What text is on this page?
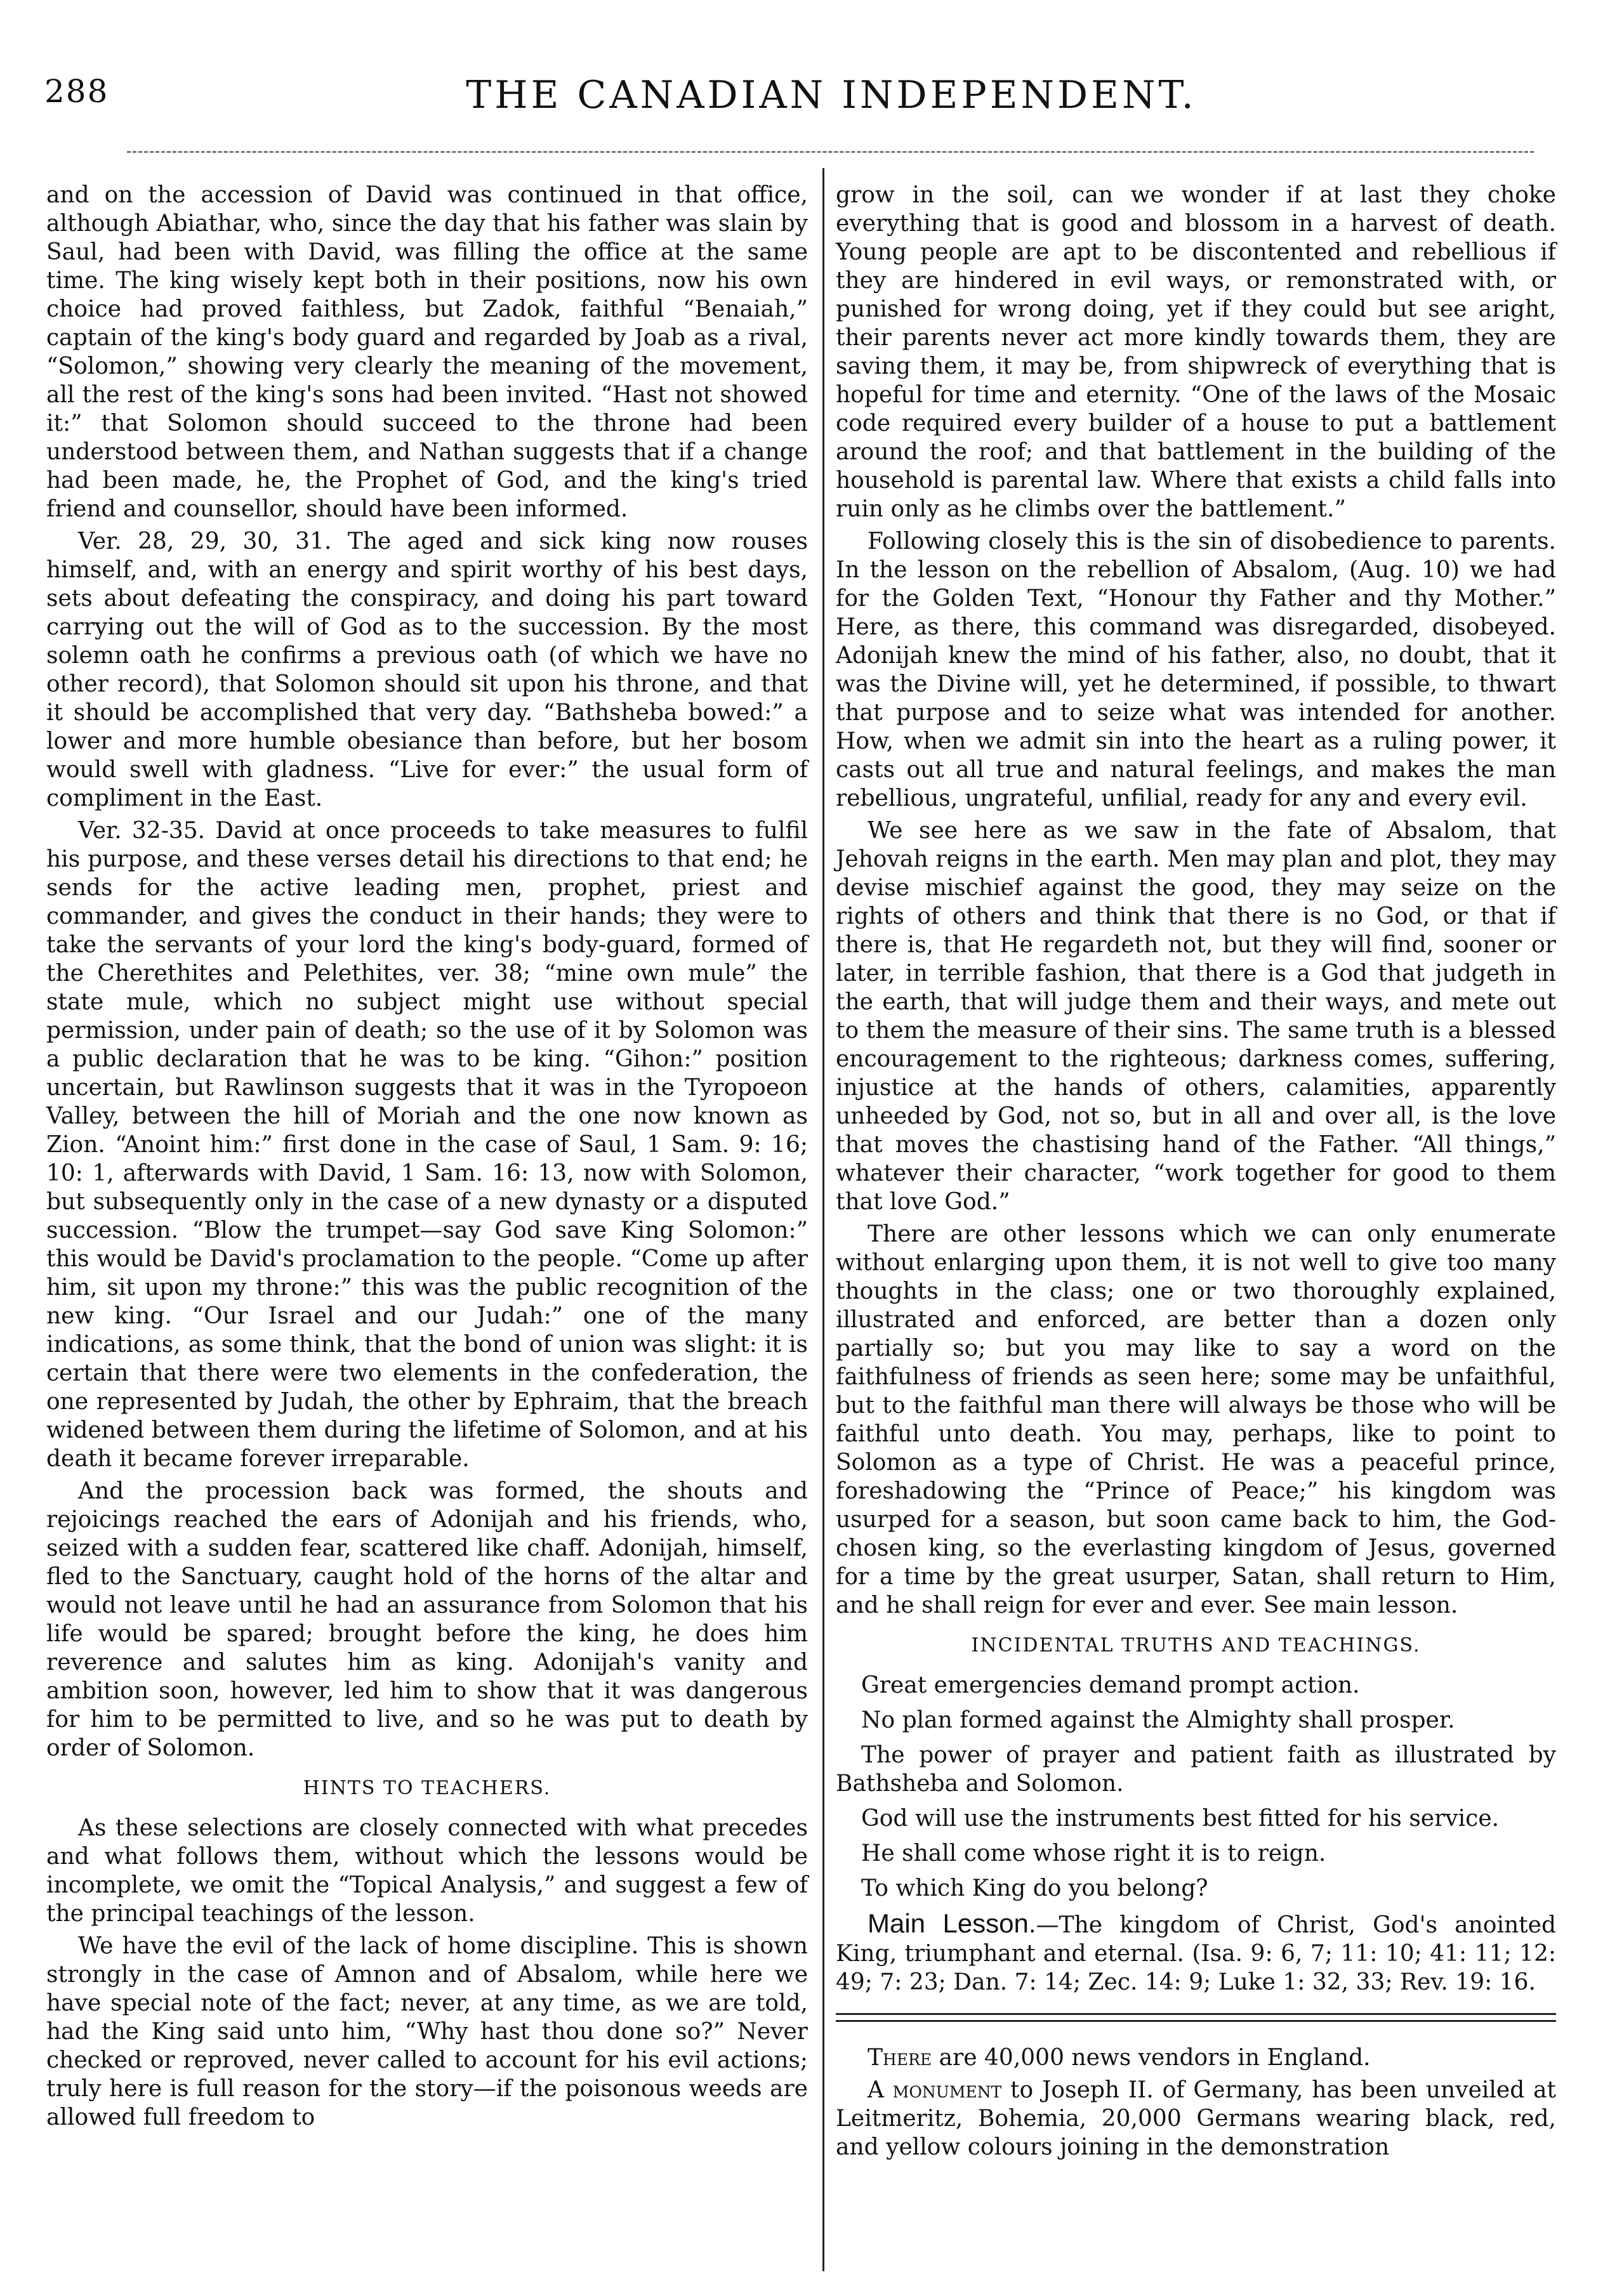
288	THE CANADIAN INDEPENDENT.

and on the accession of David was continued in that office, although Abiathar, who, since the day that his father was slain by Saul, had been with David, was filling the office at the same time. The king wisely kept both in their positions, now his own choice had proved faithless, but Zadok, faithful “Benaiah,” captain of the king's body guard and regarded by Joab as a rival, “Solomon,” showing very clearly the meaning of the movement, all the rest of the king's sons had been invited. “Hast not showed it:” that Solomon should succeed to the throne had been understood between them, and Nathan suggests that if a change had been made, he, the Prophet of God, and the king's tried friend and counsellor, should have been informed.

Ver. 28, 29, 30, 31. The aged and sick king now rouses himself, and, with an energy and spirit worthy of his best days, sets about defeating the conspiracy, and doing his part toward carrying out the will of God as to the succession. By the most solemn oath he confirms a previous oath (of which we have no other record), that Solomon should sit upon his throne, and that it should be accomplished that very day. “Bathsheba bowed:” a lower and more humble obesiance than before, but her bosom would swell with gladness. “Live for ever:” the usual form of compliment in the East.

Ver. 32-35. David at once proceeds to take measures to fulfil his purpose, and these verses detail his directions to that end; he sends for the active leading men, prophet, priest and commander, and gives the conduct in their hands; they were to take the servants of your lord the king's body-guard, formed of the Cherethites and Pelethites, ver. 38; “mine own mule” the state mule, which no subject might use without special permission, under pain of death; so the use of it by Solomon was a public declaration that he was to be king. “Gihon:” position uncertain, but Rawlinson suggests that it was in the Tyropoeon Valley, between the hill of Moriah and the one now known as Zion. “Anoint him:” first done in the case of Saul, 1 Sam. 9: 16; 10: 1, afterwards with David, 1 Sam. 16: 13, now with Solomon, but subsequently only in the case of a new dynasty or a disputed succession. “Blow the trumpet—say God save King Solomon:” this would be David's proclamation to the people. “Come up after him, sit upon my throne:” this was the public recognition of the new king. “Our Israel and our Judah:” one of the many indications, as some think, that the bond of union was slight: it is certain that there were two elements in the confederation, the one represented by Judah, the other by Ephraim, that the breach widened between them during the lifetime of Solomon, and at his death it became forever irreparable.

And the procession back was formed, the shouts and rejoicings reached the ears of Adonijah and his friends, who, seized with a sudden fear, scattered like chaff. Adonijah, himself, fled to the Sanctuary, caught hold of the horns of the altar and would not leave until he had an assurance from Solomon that his life would be spared; brought before the king, he does him reverence and salutes him as king. Adonijah's vanity and ambition soon, however, led him to show that it was dangerous for him to be permitted to live, and so he was put to death by order of Solomon.

HINTS TO TEACHERS.

As these selections are closely connected with what precedes and what follows them, without which the lessons would be incomplete, we omit the “Topical Analysis,” and suggest a few of the principal teachings of the lesson.

We have the evil of the lack of home discipline. This is shown strongly in the case of Amnon and of Absalom, while here we have special note of the fact; never, at any time, as we are told, had the King said unto him, “Why hast thou done so?” Never checked or reproved, never called to account for his evil actions; truly here is full reason for the story—if the poisonous weeds are allowed full freedom to

grow in the soil, can we wonder if at last they choke everything that is good and blossom in a harvest of death. Young people are apt to be discontented and rebellious if they are hindered in evil ways, or remonstrated with, or punished for wrong doing, yet if they could but see aright, their parents never act more kindly towards them, they are saving them, it may be, from shipwreck of everything that is hopeful for time and eternity. “One of the laws of the Mosaic code required every builder of a house to put a battlement around the roof; and that battlement in the building of the household is parental law. Where that exists a child falls into ruin only as he climbs over the battlement.”

Following closely this is the sin of disobedience to parents. In the lesson on the rebellion of Absalom, (Aug. 10) we had for the Golden Text, “Honour thy Father and thy Mother.” Here, as there, this command was disregarded, disobeyed. Adonijah knew the mind of his father, also, no doubt, that it was the Divine will, yet he determined, if possible, to thwart that purpose and to seize what was intended for another. How, when we admit sin into the heart as a ruling power, it casts out all true and natural feelings, and makes the man rebellious, ungrateful, unfilial, ready for any and every evil.

We see here as we saw in the fate of Absalom, that Jehovah reigns in the earth. Men may plan and plot, they may devise mischief against the good, they may seize on the rights of others and think that there is no God, or that if there is, that He regardeth not, but they will find, sooner or later, in terrible fashion, that there is a God that judgeth in the earth, that will judge them and their ways, and mete out to them the measure of their sins. The same truth is a blessed encouragement to the righteous; darkness comes, suffering, injustice at the hands of others, calamities, apparently unheeded by God, not so, but in all and over all, is the love that moves the chastising hand of the Father. “All things,” whatever their character, “work together for good to them that love God.”

There are other lessons which we can only enumerate without enlarging upon them, it is not well to give too many thoughts in the class; one or two thoroughly explained, illustrated and enforced, are better than a dozen only partially so; but you may like to say a word on the faithfulness of friends as seen here; some may be unfaithful, but to the faithful man there will always be those who will be faithful unto death. You may, perhaps, like to point to Solomon as a type of Christ. He was a peaceful prince, foreshadowing the “Prince of Peace;” his kingdom was usurped for a season, but soon came back to him, the God-chosen king, so the everlasting kingdom of Jesus, governed for a time by the great usurper, Satan, shall return to Him, and he shall reign for ever and ever. See main lesson.

INCIDENTAL TRUTHS AND TEACHINGS.

Great emergencies demand prompt action.

No plan formed against the Almighty shall prosper.

The power of prayer and patient faith as illustrated by Bathsheba and Solomon.

God will use the instruments best fitted for his service.

He shall come whose right it is to reign.

To which King do you belong?

Main Lesson.—The kingdom of Christ, God's anointed King, triumphant and eternal. (Isa. 9: 6, 7; 11: 10; 41: 11; 12: 49; 7: 23; Dan. 7: 14; Zec. 14: 9; Luke 1: 32, 33; Rev. 19: 16.

There are 40,000 news vendors in England.

A monument to Joseph II. of Germany, has been unveiled at Leitmeritz, Bohemia, 20,000 Germans wearing black, red, and yellow colours joining in the demonstration
